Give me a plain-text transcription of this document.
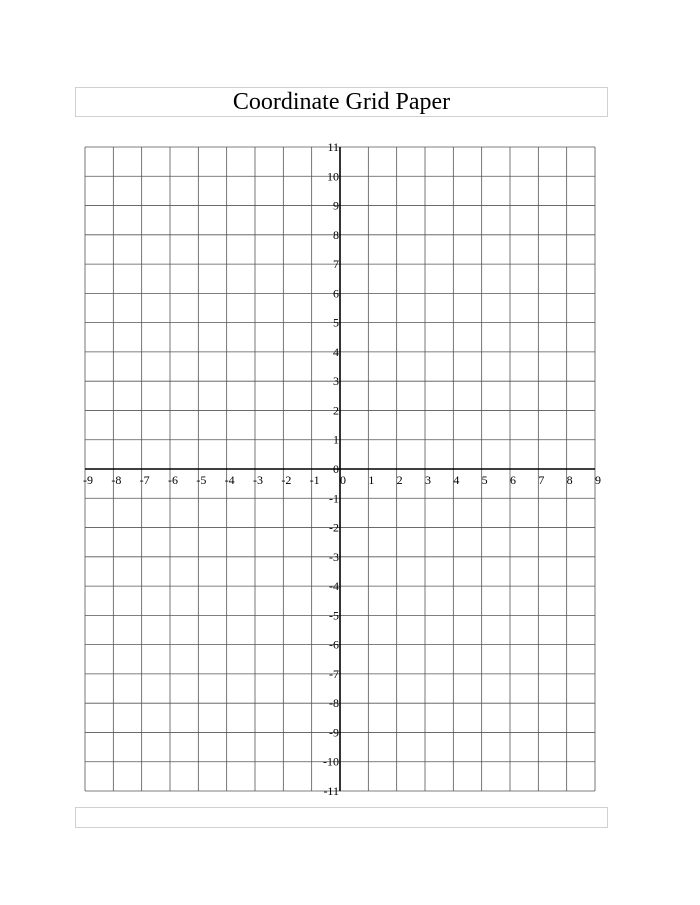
Coordinate Grid Paper
-9 -8 -7 -6 -5 -4 -3 -2 -1 0 1 2 3 4 5 6 7 8 9
11
10
9
8
7
6
5
4
3
2
1
0
-1
-2
-3
-4
-5
-6
-7
-8
-9
-10
-11
